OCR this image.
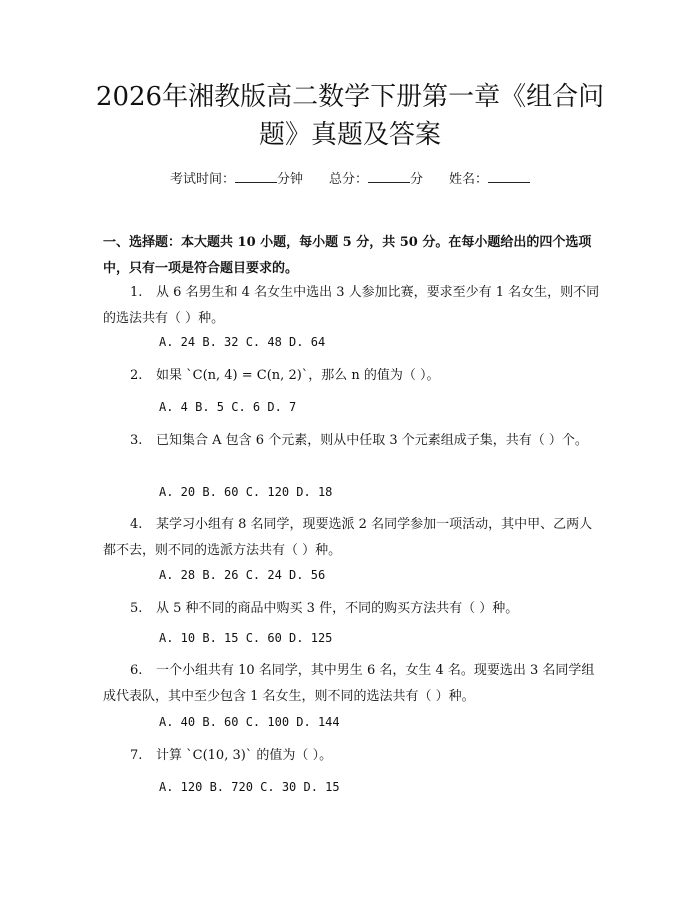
2026年湘教版高二数学下册第一章《组合问题》真题及答案
考试时间：	分钟 总分：	分 姓名：
一、选择题：本大题共 10 小题，每小题 5 分，共 50 分。在每小题给出的四个选项中，只有一项是符合题目要求的。
1. 从 6 名男生和 4 名女生中选出 3 人参加比赛，要求至少有 1 名女生，则不同的选法共有（ ）种。
A. 24 B. 32 C. 48 D. 64
2. 如果 `C(n, 4) = C(n, 2)`，那么 n 的值为（ ）。
A. 4 B. 5 C. 6 D. 7
3. 已知集合 A 包含 6 个元素，则从中任取 3 个元素组成子集，共有（ ）个。
A. 20 B. 60 C. 120 D. 18
4. 某学习小组有 8 名同学，现要选派 2 名同学参加一项活动，其中甲、乙两人都不去，则不同的选派方法共有（ ）种。
A. 28 B. 26 C. 24 D. 56
5. 从 5 种不同的商品中购买 3 件，不同的购买方法共有（ ）种。
A. 10 B. 15 C. 60 D. 125
6. 一个小组共有 10 名同学，其中男生 6 名，女生 4 名。现要选出 3 名同学组成代表队，其中至少包含 1 名女生，则不同的选法共有（ ）种。
A. 40 B. 60 C. 100 D. 144
7. 计算 `C(10, 3)` 的值为（ ）。
A. 120 B. 720 C. 30 D. 15
